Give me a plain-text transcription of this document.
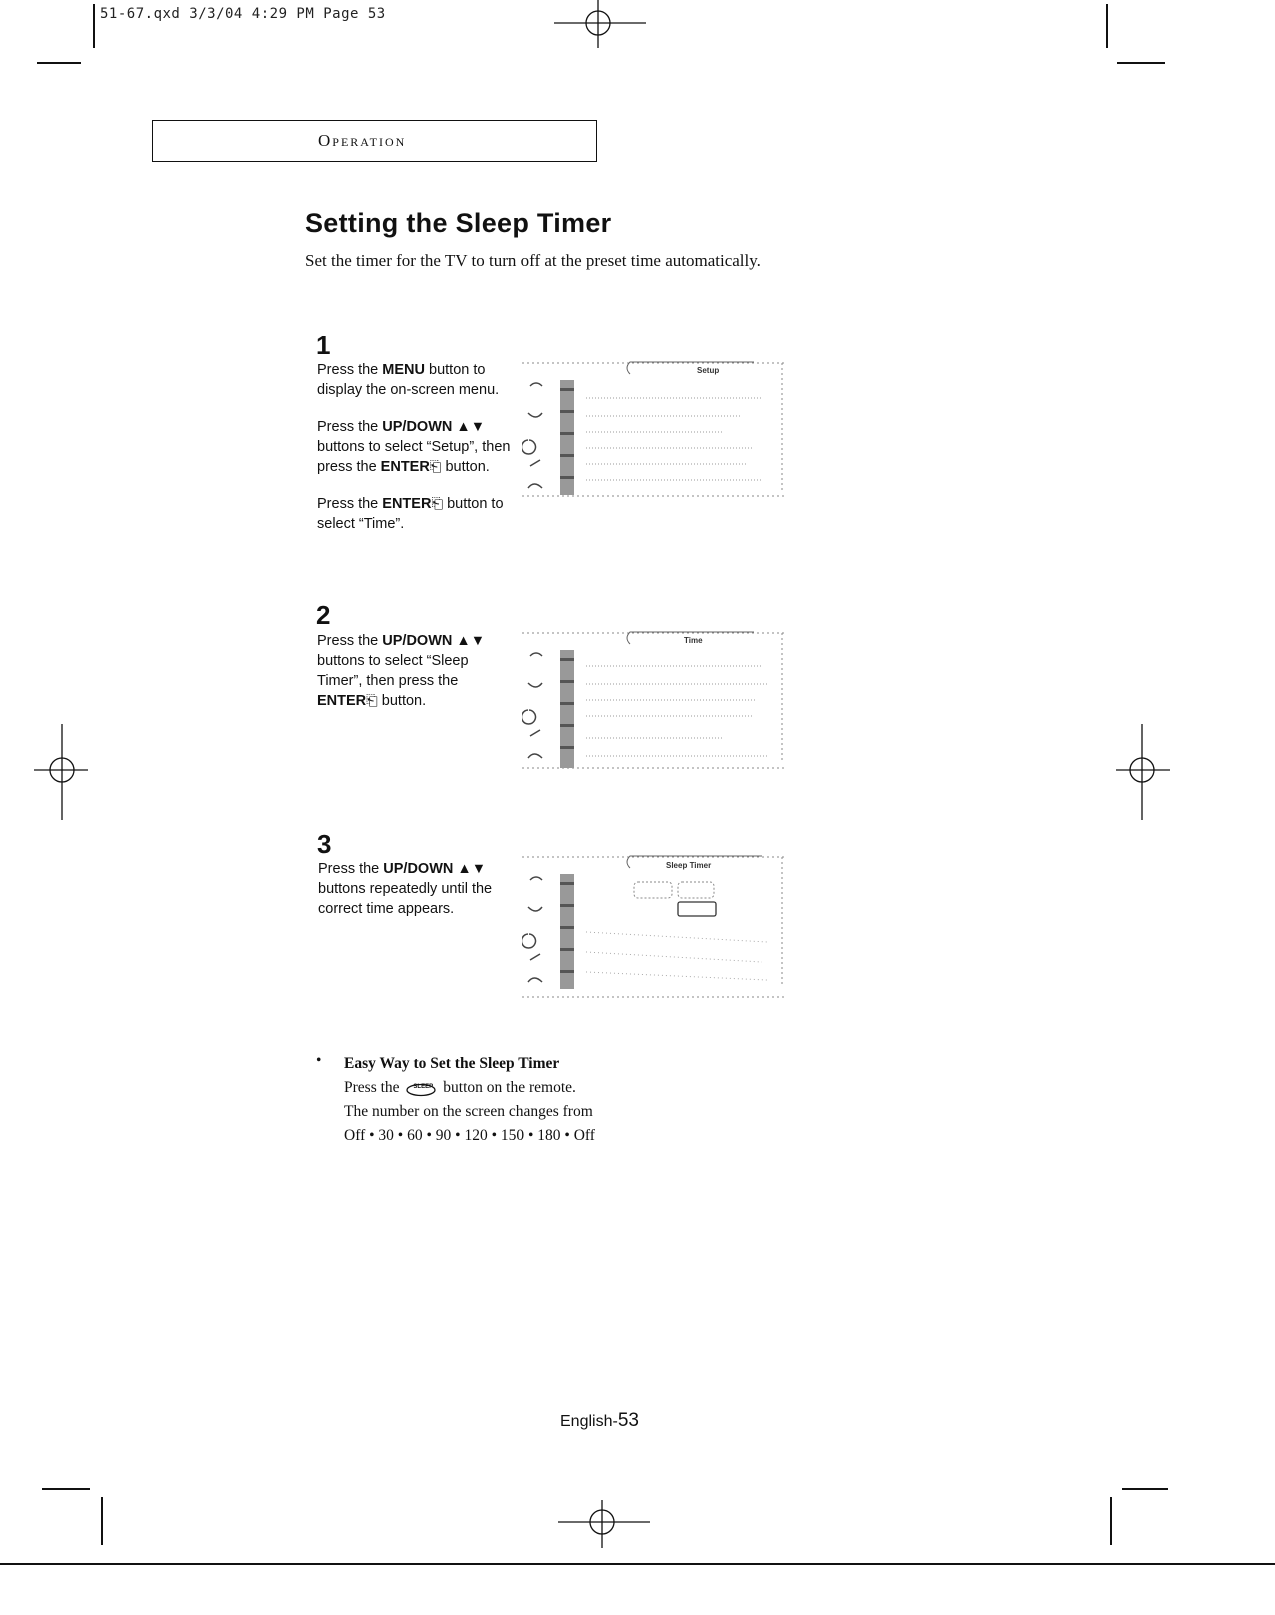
51-67.qxd 3/3/04 4:29 PM Page 53
Operation
Setting the Sleep Timer
Set the timer for the TV to turn off at the preset time automatically.
1

Press the MENU button to display the on-screen menu.

Press the UP/DOWN ▲▼ buttons to select “Setup”, then press the ENTER⎗ button.

Press the ENTER⎗ button to select “Time”.

Setup
2

Press the UP/DOWN ▲▼ buttons to select “Sleep Timer”, then press the ENTER⎗ button.

Time
3

Press the UP/DOWN ▲▼ buttons repeatedly until the correct time appears.

Sleep Timer
• Easy Way to Set the Sleep Timer
Press the SLEEP button on the remote.
The number on the screen changes from
Off • 30 • 60 • 90 • 120 • 150 • 180 • Off
English-53
